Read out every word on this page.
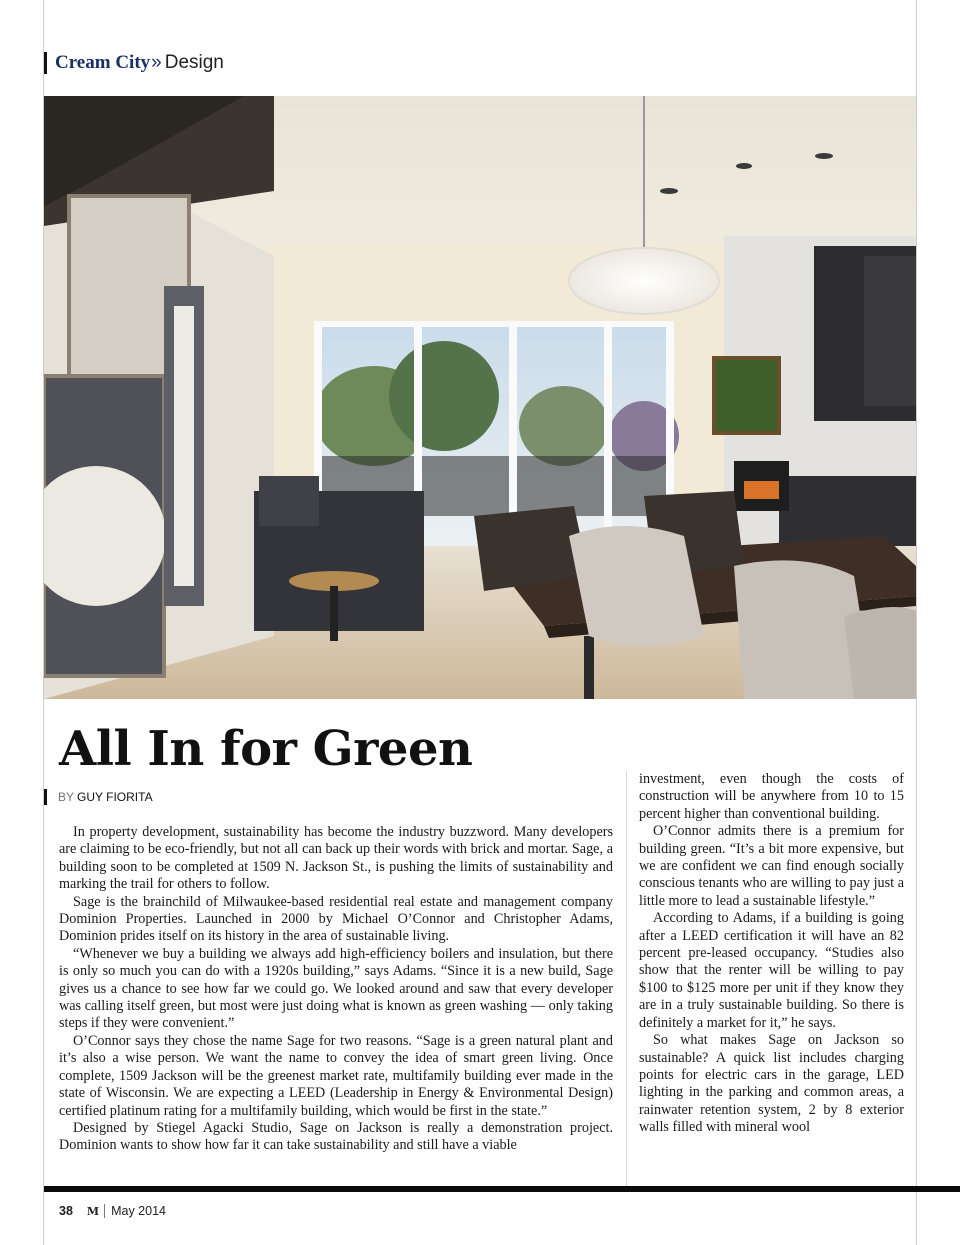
Cream City » Design
All In for Green
BY GUY FIORITA

In property development, sustainability has become the industry buzzword. Many developers are claiming to be eco-friendly, but not all can back up their words with brick and mortar. Sage, a building soon to be completed at 1509 N. Jackson St., is pushing the limits of sustainability and marking the trail for others to follow.

Sage is the brainchild of Milwaukee-based residential real estate and management company Dominion Properties. Launched in 2000 by Michael O’Connor and Christopher Adams, Dominion prides itself on its history in the area of sustainable living.

“Whenever we buy a building we always add high-efficiency boilers and insulation, but there is only so much you can do with a 1920s building,” says Adams. “Since it is a new build, Sage gives us a chance to see how far we could go. We looked around and saw that every developer was calling itself green, but most were just doing what is known as green washing — only taking steps if they were convenient.”

O’Connor says they chose the name Sage for two reasons. “Sage is a green natural plant and it’s also a wise person. We want the name to convey the idea of smart green living. Once complete, 1509 Jackson will be the greenest market rate, multifamily building ever made in the state of Wisconsin. We are expecting a LEED (Leadership in Energy & Environmental Design) certified platinum rating for a multifamily building, which would be first in the state.”

Designed by Stiegel Agacki Studio, Sage on Jackson is really a demonstration project. Dominion wants to show how far it can take sustainability and still have a viable

investment, even though the costs of construction will be anywhere from 10 to 15 percent higher than conventional building.

O’Connor admits there is a premium for building green. “It’s a bit more expensive, but we are confident we can find enough socially conscious tenants who are willing to pay just a little more to lead a sustainable lifestyle.”

According to Adams, if a building is going after a LEED certification it will have an 82 percent pre-leased occupancy. “Studies also show that the renter will be willing to pay $100 to $125 more per unit if they know they are in a truly sustainable building. So there is definitely a market for it,” he says.

So what makes Sage on Jackson so sustainable? A quick list includes charging points for electric cars in the garage, LED lighting in the parking and common areas, a rainwater retention system, 2 by 8 exterior walls filled with mineral wool

38 M May 2014
